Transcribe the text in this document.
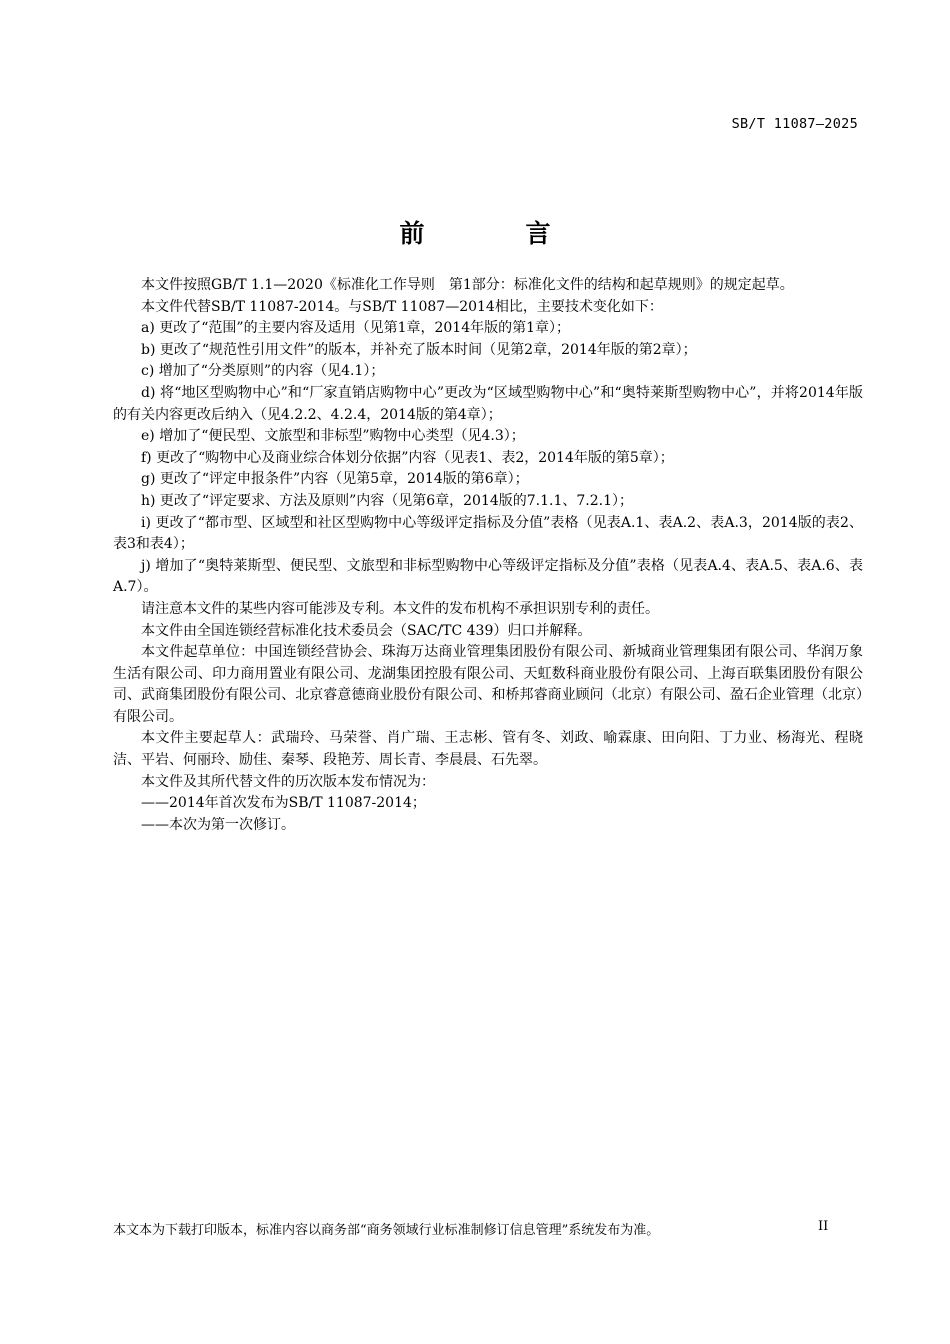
SB/T 11087—2025
前　言

本文件按照GB/T 1.1—2020《标准化工作导则　第1部分：标准化文件的结构和起草规则》的规定起草。

本文件代替SB/T 11087-2014。与SB/T 11087—2014相比，主要技术变化如下：

a) 更改了“范围”的主要内容及适用（见第1章，2014年版的第1章）；

b) 更改了“规范性引用文件”的版本，并补充了版本时间（见第2章，2014年版的第2章）；

c) 增加了“分类原则”的内容（见4.1）；

d) 将“地区型购物中心”和“厂家直销店购物中心”更改为“区域型购物中心”和“奥特莱斯型购物中心”，并将2014年版的有关内容更改后纳入（见4.2.2、4.2.4，2014版的第4章）；

e) 增加了“便民型、文旅型和非标型”购物中心类型（见4.3）；

f) 更改了“购物中心及商业综合体划分依据”内容（见表1、表2，2014年版的第5章）；

g) 更改了“评定申报条件”内容（见第5章，2014版的第6章）；

h) 更改了“评定要求、方法及原则”内容（见第6章，2014版的7.1.1、7.2.1）；

i) 更改了“都市型、区域型和社区型购物中心等级评定指标及分值”表格（见表A.1、表A.2、表A.3，2014版的表2、表3和表4）；

j) 增加了“奥特莱斯型、便民型、文旅型和非标型购物中心等级评定指标及分值”表格（见表A.4、表A.5、表A.6、表A.7）。

请注意本文件的某些内容可能涉及专利。本文件的发布机构不承担识别专利的责任。

本文件由全国连锁经营标准化技术委员会（SAC/TC 439）归口并解释。

本文件起草单位：中国连锁经营协会、珠海万达商业管理集团股份有限公司、新城商业管理集团有限公司、华润万象生活有限公司、印力商用置业有限公司、龙湖集团控股有限公司、天虹数科商业股份有限公司、上海百联集团股份有限公司、武商集团股份有限公司、北京睿意德商业股份有限公司、和桥邦睿商业顾问（北京）有限公司、盈石企业管理（北京）有限公司。

本文件主要起草人：武瑞玲、马荣誉、肖广瑞、王志彬、管有冬、刘政、喻霖康、田向阳、丁力业、杨海光、程晓洁、平岩、何丽玲、励佳、秦琴、段艳芳、周长青、李晨晨、石先翠。

本文件及其所代替文件的历次版本发布情况为：

——2014年首次发布为SB/T 11087-2014；

——本次为第一次修订。

本文本为下载打印版本，标准内容以商务部“商务领域行业标准制修订信息管理”系统发布为准。	II
